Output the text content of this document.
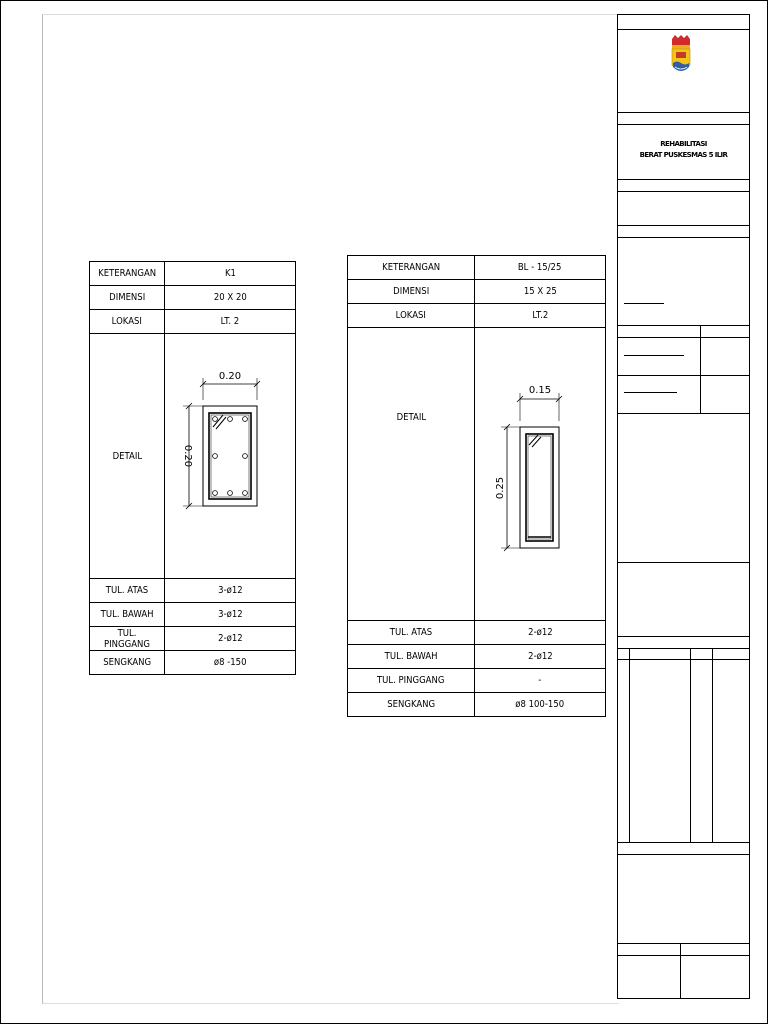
REHABILITASI
BERAT PUSKESMAS 5 ILIR
KETERANGAN	K1
DIMENSI	20 X 20
LOKASI	LT. 2
DETAIL	0.20
0.20

TUL. ATAS	3-ø12
TUL. BAWAH	3-ø12
TUL. PINGGANG	2-ø12
SENGKANG	ø8 -150
KETERANGAN	BL - 15/25
DIMENSI	15 X 25
LOKASI	LT.2
DETAIL	0.15
0.25

TUL. ATAS	2-ø12
TUL. BAWAH	2-ø12
TUL. PINGGANG	-
SENGKANG	ø8 100-150
